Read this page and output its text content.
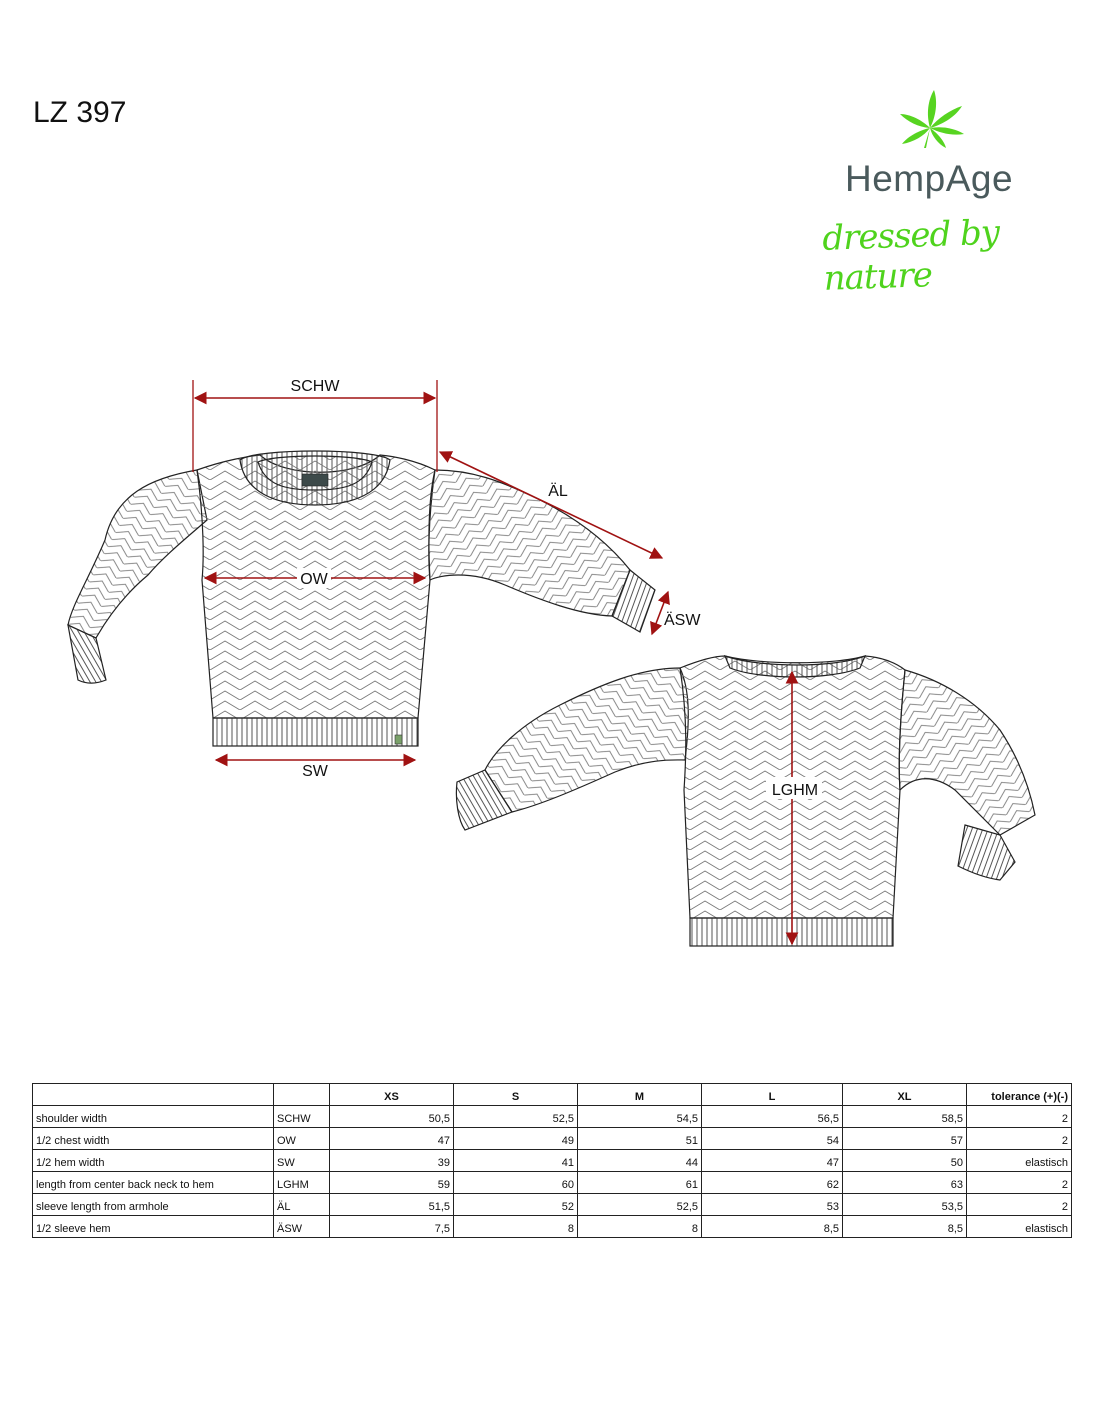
LZ 397
HempAge
dressed by nature
SCHW
ÄL
OW
ÄSW
SW
LGHM
		XS	S	M	L	XL	tolerance (+)(-)
shoulder width	SCHW	50,5	52,5	54,5	56,5	58,5	2
1/2 chest width	OW	47	49	51	54	57	2
1/2 hem width	SW	39	41	44	47	50	elastisch
length from center back neck to hem	LGHM	59	60	61	62	63	2
sleeve length from armhole	ÄL	51,5	52	52,5	53	53,5	2
1/2 sleeve hem	ÄSW	7,5	8	8	8,5	8,5	elastisch
